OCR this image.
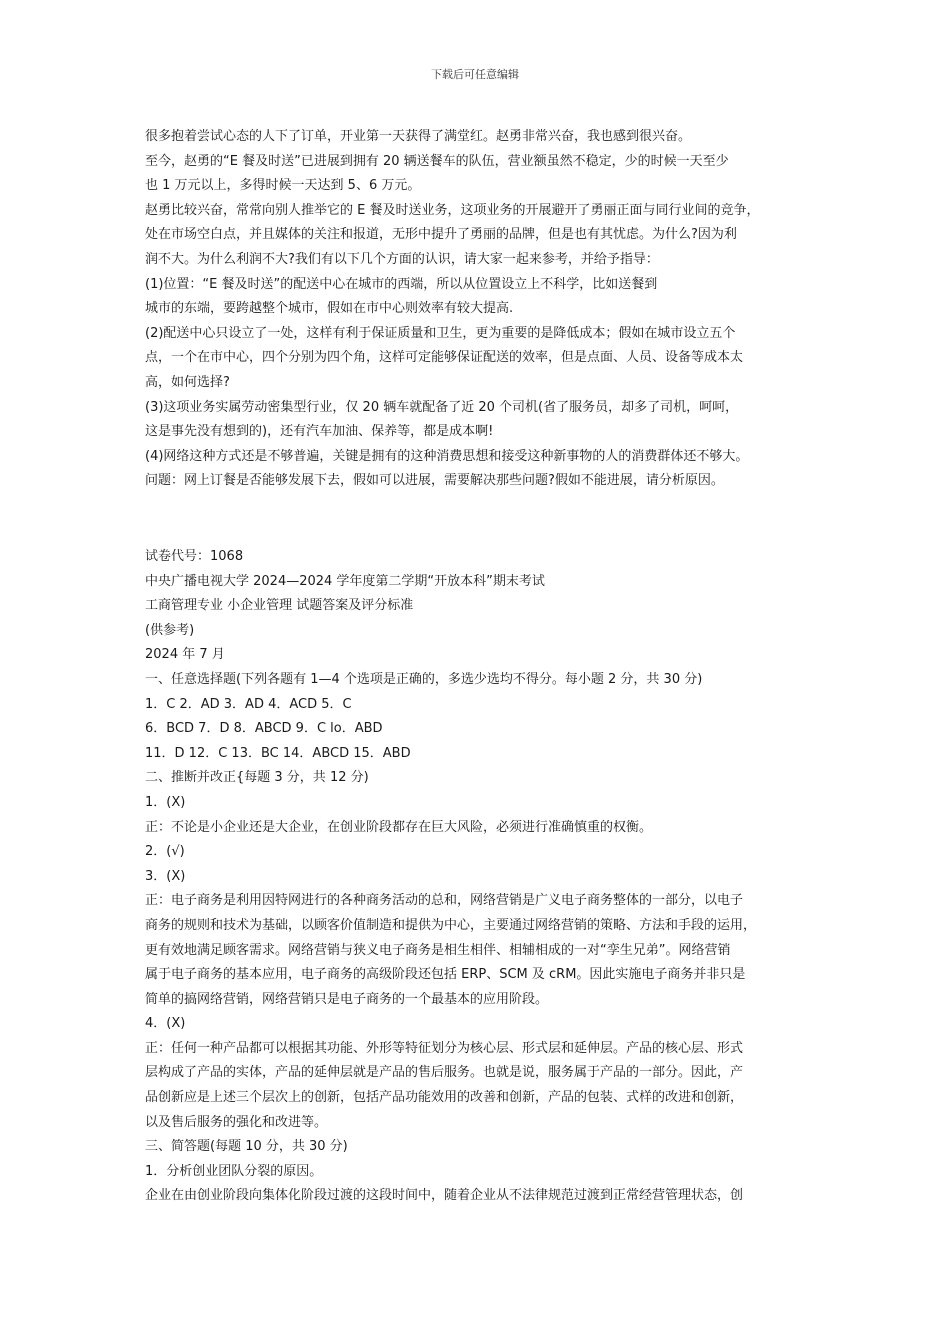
下载后可任意编辑

很多抱着尝试心态的人下了订单，开业第一天获得了满堂红。赵勇非常兴奋，我也感到很兴奋。

至今，赵勇的“E 餐及时送”已进展到拥有 20 辆送餐车的队伍，营业额虽然不稳定，少的时候一天至少

也 1 万元以上，多得时候一天达到 5、6 万元。

赵勇比较兴奋，常常向别人推举它的 E 餐及时送业务，这项业务的开展避开了勇丽正面与同行业间的竞争，

处在市场空白点，并且媒体的关注和报道，无形中提升了勇丽的品牌，但是也有其忧虑。为什么?因为利

润不大。为什么利润不大?我们有以下几个方面的认识，请大家一起来参考，并给予指导：

(1)位置：“E 餐及时送”的配送中心在城市的西端，所以从位置设立上不科学，比如送餐到

城市的东端，要跨越整个城市，假如在市中心则效率有较大提高.

(2)配送中心只设立了一处，这样有利于保证质量和卫生，更为重要的是降低成本；假如在城市设立五个

点，一个在市中心，四个分别为四个角，这样可定能够保证配送的效率，但是点面、人员、设备等成本太

高，如何选择?

(3)这项业务实属劳动密集型行业，仅 20 辆车就配备了近 20 个司机(省了服务员，却多了司机，呵呵，

这是事先没有想到的)，还有汽车加油、保养等，都是成本啊!

(4)网络这种方式还是不够普遍，关键是拥有的这种消费思想和接受这种新事物的人的消费群体还不够大。

问题：网上订餐是否能够发展下去，假如可以进展，需要解决那些问题?假如不能进展，请分析原因。

试卷代号：1068

中央广播电视大学 2024—2024 学年度第二学期“开放本科”期末考试

工商管理专业 小企业管理 试题答案及评分标准

(供参考)

2024 年 7 月

一、任意选择题(下列各题有 1—4 个选项是正确的，多选少选均不得分。每小题 2 分，共 30 分)

1．C 2．AD 3．AD 4．ACD 5．C

6．BCD 7．D 8．ABCD 9．C lo．ABD

11．D 12．C 13．BC 14．ABCD 15．ABD

二、推断并改正{每题 3 分，共 12 分)

1．(X)

正：不论是小企业还是大企业，在创业阶段都存在巨大风险，必须进行准确慎重的权衡。

2．(√)

3．(X)

正：电子商务是利用因特网进行的各种商务活动的总和，网络营销是广义电子商务整体的一部分，以电子

商务的规则和技术为基础，以顾客价值制造和提供为中心，主要通过网络营销的策略、方法和手段的运用，

更有效地满足顾客需求。网络营销与狭义电子商务是相生相伴、相辅相成的一对“孪生兄弟”。网络营销

属于电子商务的基本应用，电子商务的高级阶段还包括 ERP、SCM 及 cRM。因此实施电子商务并非只是

简单的搞网络营销，网络营销只是电子商务的一个最基本的应用阶段。

4．(X)

正：任何一种产品都可以根据其功能、外形等特征划分为核心层、形式层和延伸层。产品的核心层、形式

层构成了产品的实体，产品的延伸层就是产品的售后服务。也就是说，服务属于产品的一部分。因此，产

品创新应是上述三个层次上的创新，包括产品功能效用的改善和创新，产品的包装、式样的改进和创新，

以及售后服务的强化和改进等。

三、简答题(每题 10 分，共 30 分)

1．分析创业团队分裂的原因。

企业在由创业阶段向集体化阶段过渡的这段时间中，随着企业从不法律规范过渡到正常经营管理状态，创
